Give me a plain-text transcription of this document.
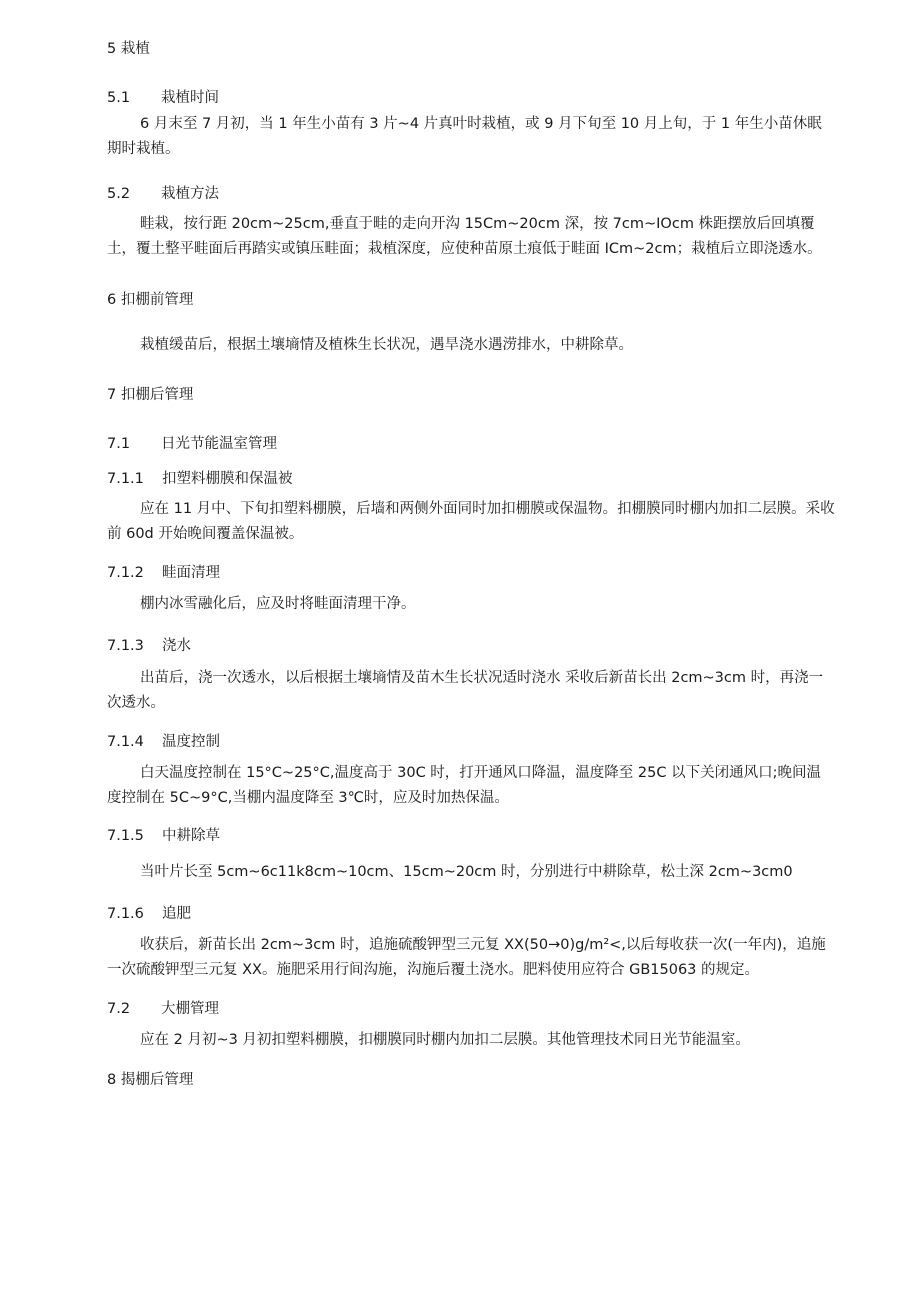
5 栽植
5.1 栽植时间

6 月末至 7 月初，当 1 年生小苗有 3 片~4 片真叶时栽植，或 9 月下旬至 10 月上旬，于 1 年生小苗休眠期时栽植。

5.2 栽植方法

畦栽，按行距 20cm~25cm,垂直于畦的走向开沟 15Cm~20cm 深，按 7cm~IOcm 株距摆放后回填覆土，覆土整平畦面后再踏实或镇压畦面；栽植深度，应使种苗原土痕低于畦面 ICm~2cm；栽植后立即浇透水。

6 扣棚前管理

栽植缓苗后，根据土壤墒情及植株生长状况，遇旱浇水遇涝排水，中耕除草。

7 扣棚后管理
7.1 日光节能温室管理
7.1.1 扣塑料棚膜和保温被

应在 11 月中、下旬扣塑料棚膜，后墙和两侧外面同时加扣棚膜或保温物。扣棚膜同时棚内加扣二层膜。采收前 60d 开始晚间覆盖保温被。

7.1.2 畦面清理

棚内冰雪融化后，应及时将畦面清理干净。

7.1.3 浇水

出苗后，浇一次透水，以后根据土壤墒情及苗木生长状况适时浇水 采收后新苗长出 2cm~3cm 时，再浇一次透水。

7.1.4 温度控制

白天温度控制在 15°C~25°C,温度高于 30C 时，打开通风口降温，温度降至 25C 以下关闭通风口;晚间温度控制在 5C~9°C,当棚内温度降至 3℃时，应及时加热保温。

7.1.5 中耕除草

当叶片长至 5cm~6c11k8cm~10cm、15cm~20cm 时，分别进行中耕除草，松土深 2cm~3cm0

7.1.6 追肥

收获后，新苗长出 2cm~3cm 时，追施硫酸钾型三元复 XX(50→0)g∕m²<,以后每收获一次(一年内)，追施一次硫酸钾型三元复 XX。施肥采用行间沟施，沟施后覆土浇水。肥料使用应符合 GB15063 的规定。

7.2 大棚管理

应在 2 月初~3 月初扣塑料棚膜，扣棚膜同时棚内加扣二层膜。其他管理技术同日光节能温室。

8 揭棚后管理
